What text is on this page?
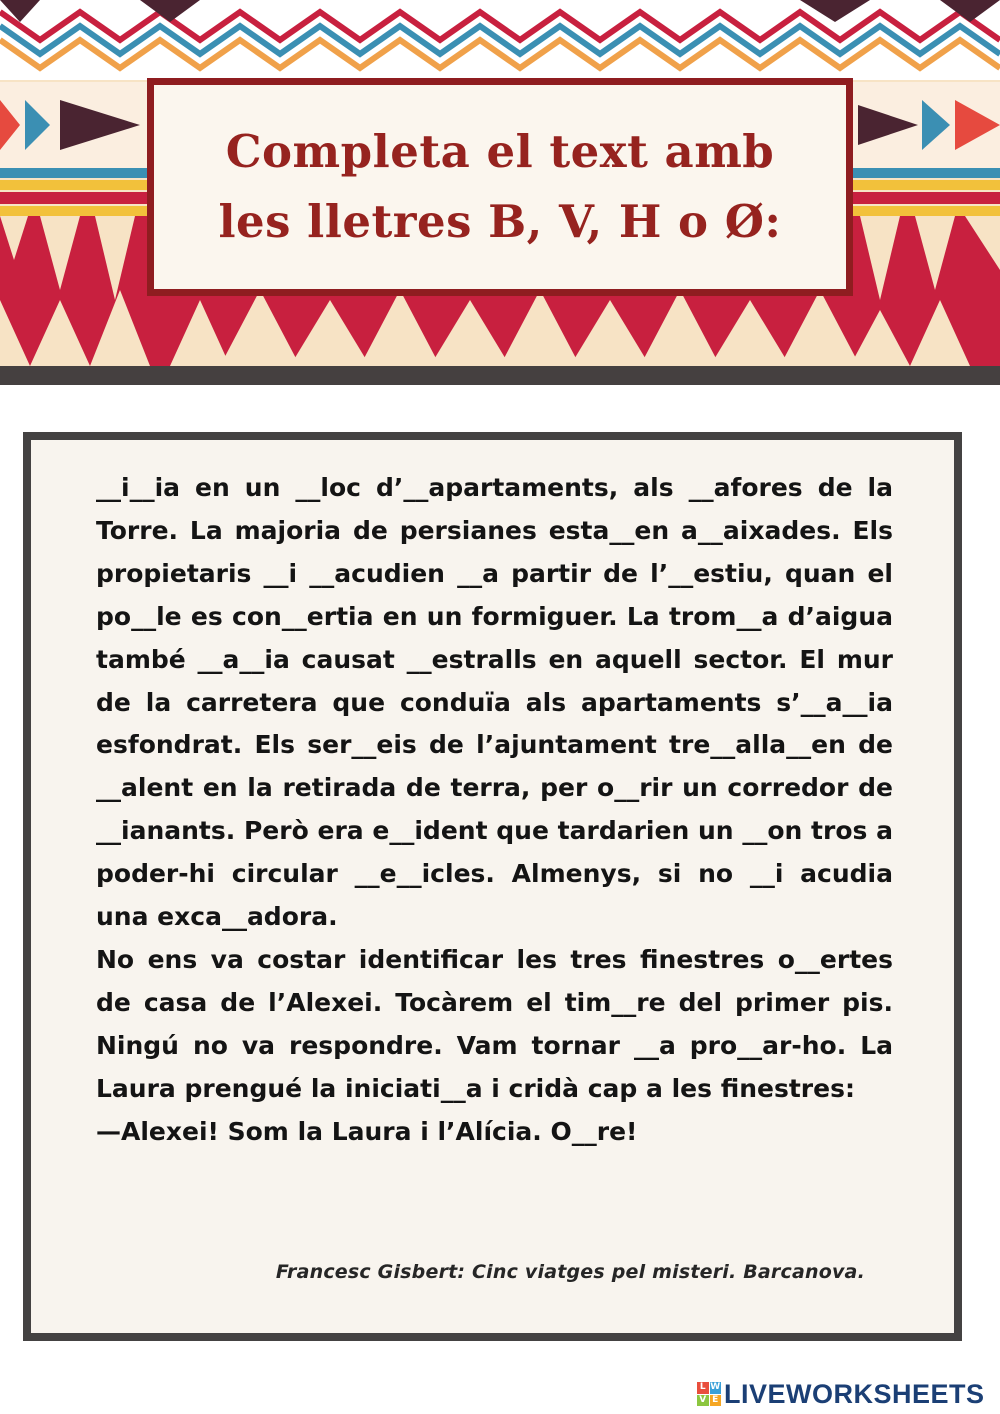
Completa el text amb
les lletres B, V, H o Ø:

__i__ia en un __loc d’__apartaments, als __afores de la Torre. La majoria de persianes esta__en a__aixades. Els propietaris __i __acudien __a partir de l’__estiu, quan el po__le es con__ertia en un formiguer. La trom__a d’aigua també __a__ia causat __estralls en aquell sector. El mur de la carretera que conduïa als apartaments s’__a__ia esfondrat. Els ser__eis de l’ajuntament tre__alla__en de __alent en la retirada de terra, per o__rir un corredor de __ianants. Però era e__ident que tardarien un __on tros a poder-hi circular __e__icles. Almenys, si no __i acudia una exca__adora.

No ens va costar identificar les tres finestres o__ertes de casa de l’Alexei. Tocàrem el tim__re del primer pis. Ningú no va respondre. Vam tornar __a pro__ar-ho. La Laura prengué la iniciati__a i cridà cap a les finestres:

—Alexei! Som la Laura i l’Alícia. O__re!

Francesc Gisbert: Cinc viatges pel misteri. Barcanova.
L W
V E LIVEWORKSHEETS
